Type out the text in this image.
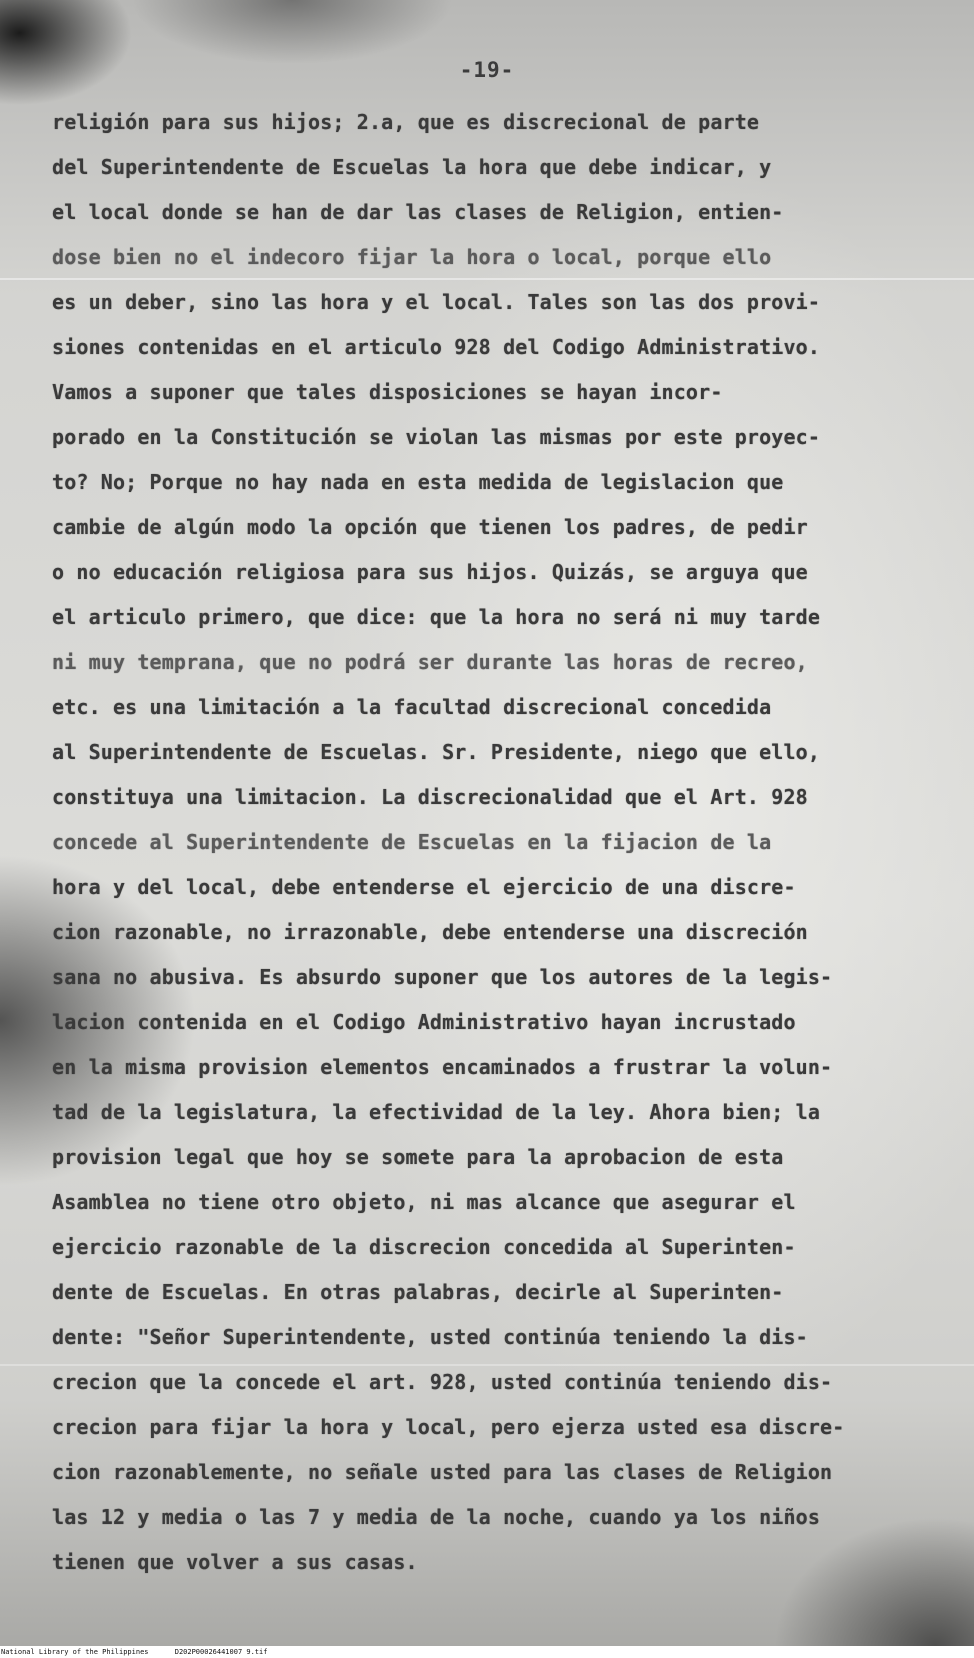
-19-
religión para sus hijos; 2.a, que es discrecional de parte
del Superintendente de Escuelas la hora que debe indicar, y
el local donde se han de dar las clases de Religion, entien-
dose bien no el indecoro fijar la hora o local, porque ello
es un deber, sino las hora y el local. Tales son las dos provi-
siones contenidas en el articulo 928 del Codigo Administrativo.
Vamos a suponer que tales disposiciones se hayan incor-
porado en la Constitución se violan las mismas por este proyec-
to? No; Porque no hay nada en esta medida de legislacion que
cambie de algún modo la opción que tienen los padres, de pedir
o no educación religiosa para sus hijos. Quizás, se arguya que
el articulo primero, que dice: que la hora no será ni muy tarde
ni muy temprana, que no podrá ser durante las horas de recreo,
etc. es una limitación a la facultad discrecional concedida
al Superintendente de Escuelas. Sr. Presidente, niego que ello,
constituya una limitacion. La discrecionalidad que el Art. 928
concede al Superintendente de Escuelas en la fijacion de la
hora y del local, debe entenderse el ejercicio de una discre-
cion razonable, no irrazonable, debe entenderse una discreción
sana no abusiva. Es absurdo suponer que los autores de la legis-
lacion contenida en el Codigo Administrativo hayan incrustado
en la misma provision elementos encaminados a frustrar la volun-
tad de la legislatura, la efectividad de la ley. Ahora bien; la
provision legal que hoy se somete para la aprobacion de esta
Asamblea no tiene otro objeto, ni mas alcance que asegurar el
ejercicio razonable de la discrecion concedida al Superinten-
dente de Escuelas. En otras palabras, decirle al Superinten-
dente: "Señor Superintendente, usted continúa teniendo la dis-
crecion que la concede el art. 928, usted continúa teniendo dis-
crecion para fijar la hora y local, pero ejerza usted esa discre-
cion razonablemente, no señale usted para las clases de Religion
las 12 y media o las 7 y media de la noche, cuando ya los niños
tienen que volver a sus casas.
National Library of the Philippines	D202P00026441007 9.tif
